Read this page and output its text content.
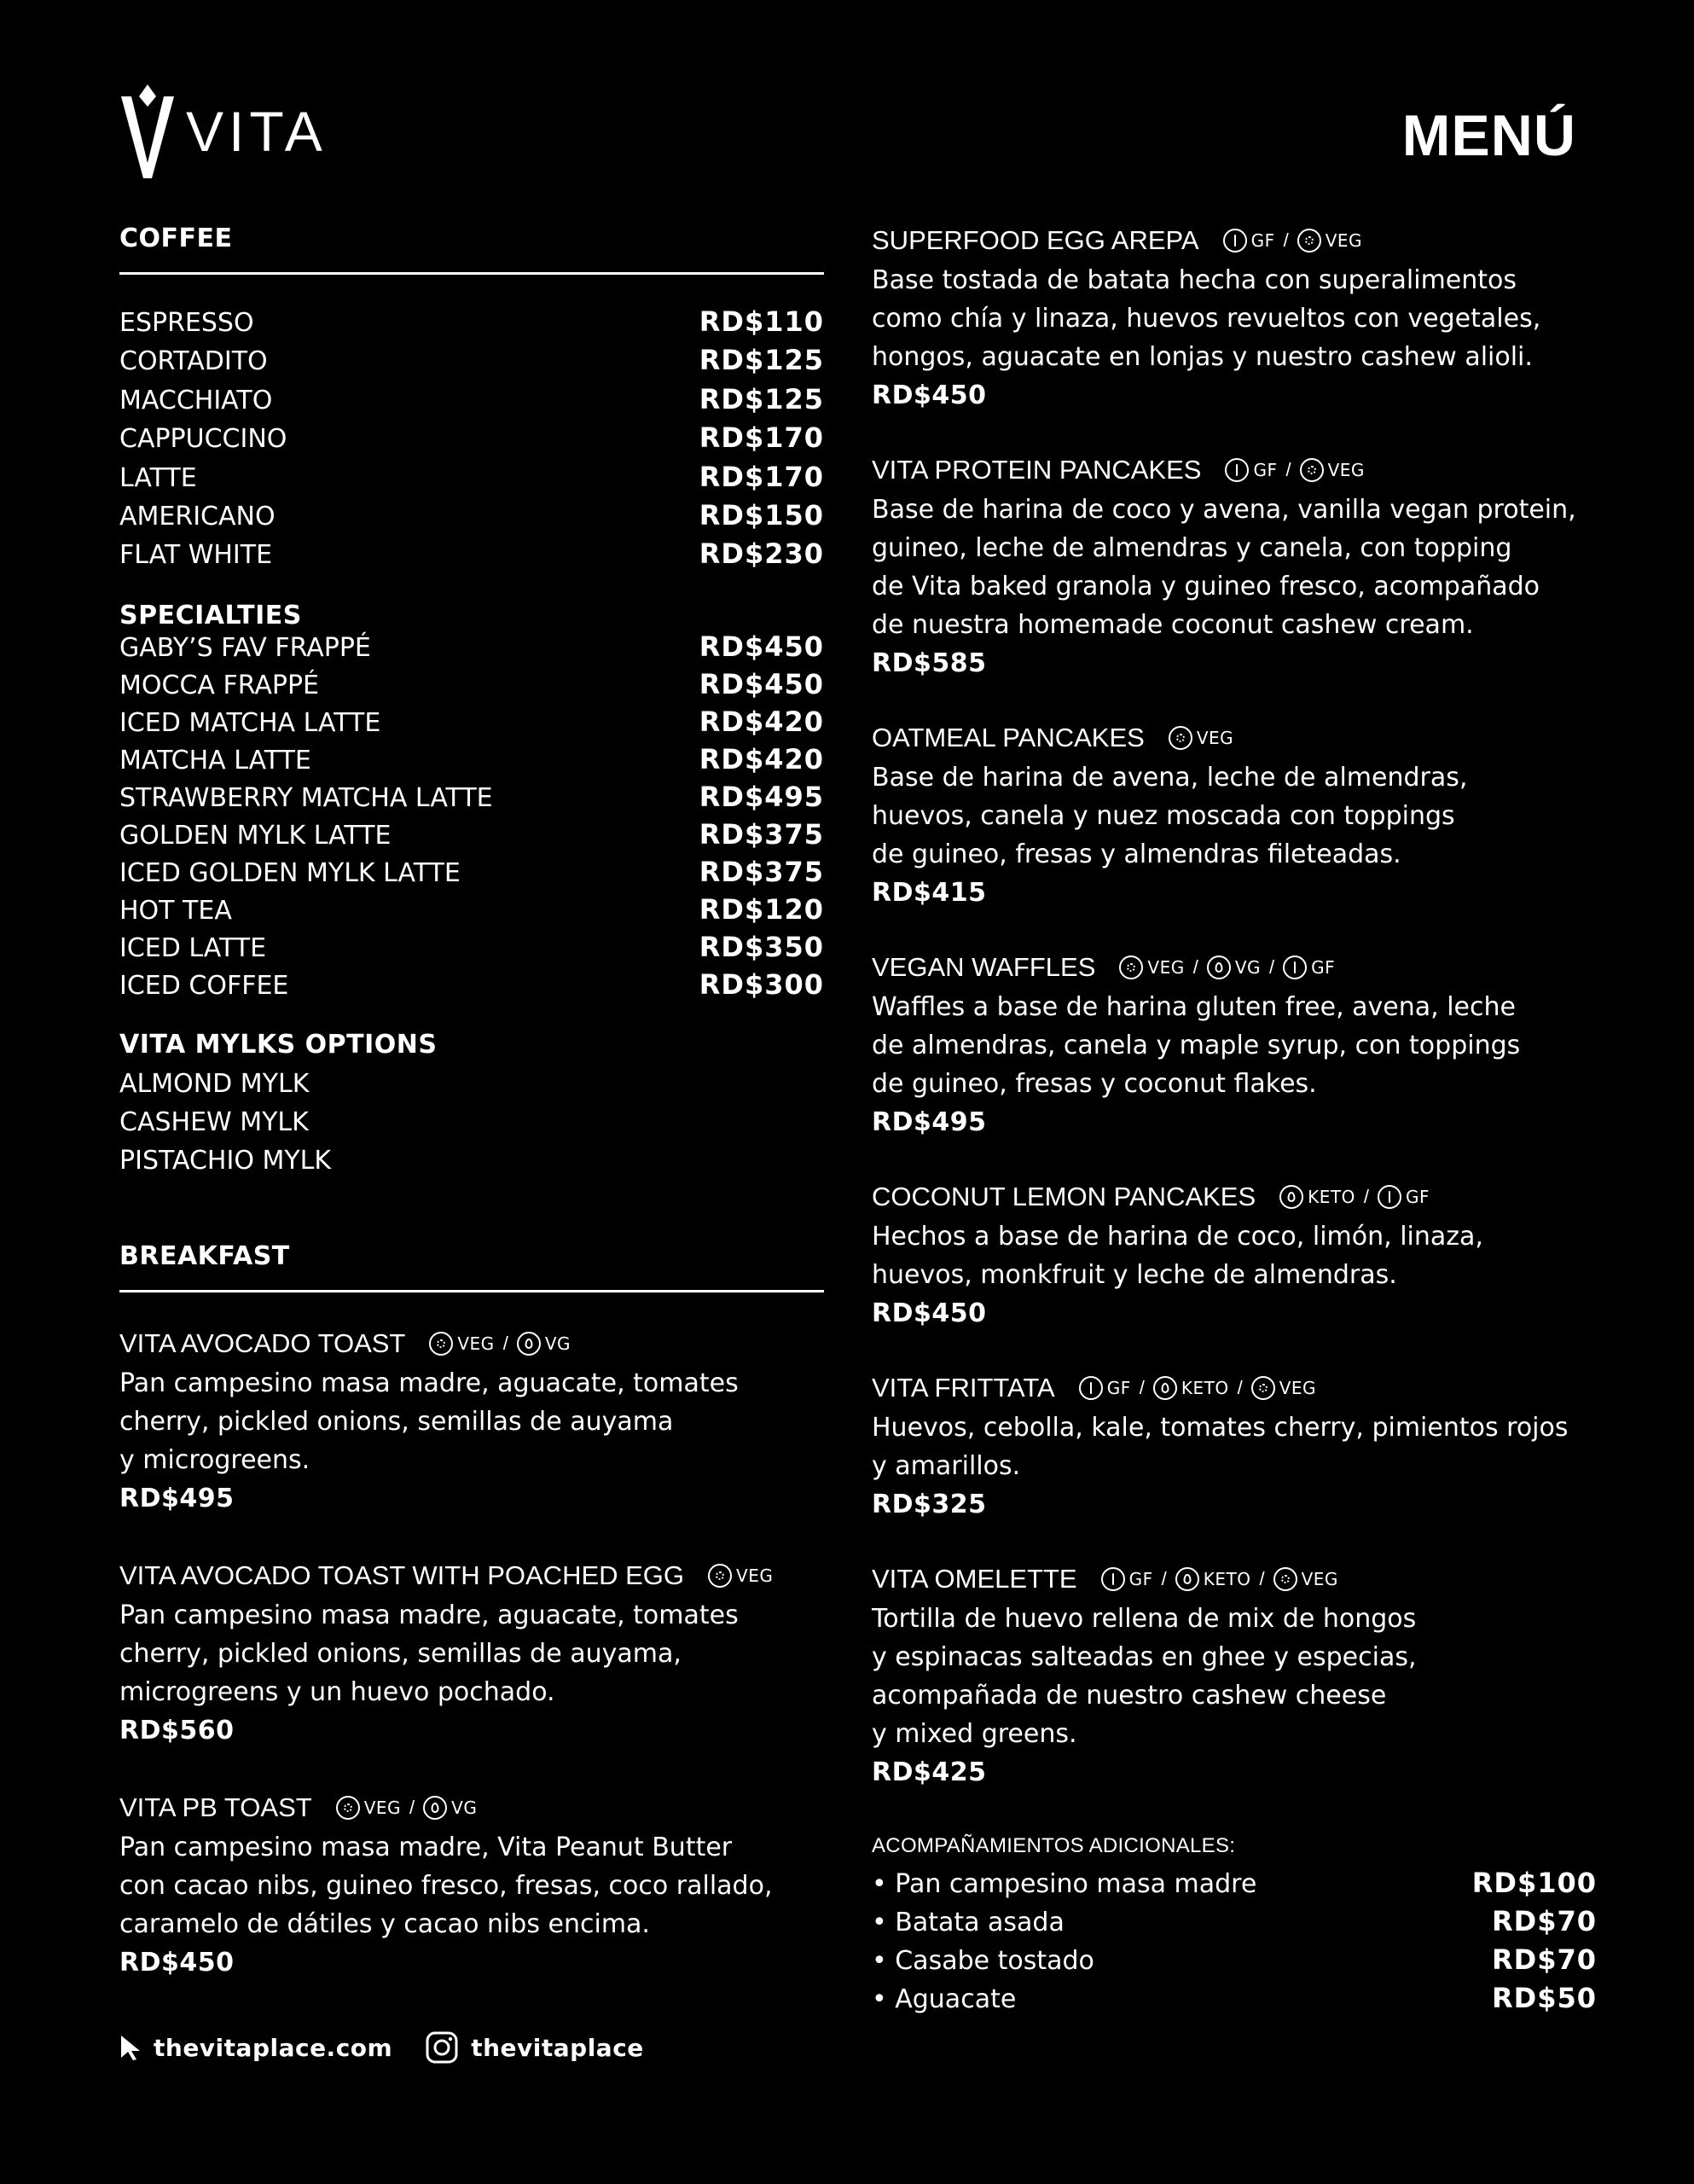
VITA	MENÚ
COFFEE
ESPRESSO	RD$110
CORTADITO	RD$125
MACCHIATO	RD$125
CAPPUCCINO	RD$170
LATTE	RD$170
AMERICANO	RD$150
FLAT WHITE	RD$230
SPECIALTIES
GABY’S FAV FRAPPÉ	RD$450
MOCCA FRAPPÉ	RD$450
ICED MATCHA LATTE	RD$420
MATCHA LATTE	RD$420
STRAWBERRY MATCHA LATTE	RD$495
GOLDEN MYLK LATTE	RD$375
ICED GOLDEN MYLK LATTE	RD$375
HOT TEA	RD$120
ICED LATTE	RD$350
ICED COFFEE	RD$300
VITA MYLKS OPTIONS
ALMOND MYLK
CASHEW MYLK
PISTACHIO MYLK
BREAKFAST
VITA AVOCADO TOAST	VEG / VG
Pan campesino masa madre, aguacate, tomates
cherry, pickled onions, semillas de auyama
y microgreens.
RD$495
VITA AVOCADO TOAST WITH POACHED EGG	VEG
Pan campesino masa madre, aguacate, tomates
cherry, pickled onions, semillas de auyama,
microgreens y un huevo pochado.
RD$560
VITA PB TOAST	VEG / VG
Pan campesino masa madre, Vita Peanut Butter
con cacao nibs, guineo fresco, fresas, coco rallado,
caramelo de dátiles y cacao nibs encima.
RD$450
SUPERFOOD EGG AREPA	GF / VEG
Base tostada de batata hecha con superalimentos
como chía y linaza, huevos revueltos con vegetales,
hongos, aguacate en lonjas y nuestro cashew alioli.
RD$450
VITA PROTEIN PANCAKES	GF / VEG
Base de harina de coco y avena, vanilla vegan protein,
guineo, leche de almendras y canela, con topping
de Vita baked granola y guineo fresco, acompañado
de nuestra homemade coconut cashew cream.
RD$585
OATMEAL PANCAKES	VEG
Base de harina de avena, leche de almendras,
huevos, canela y nuez moscada con toppings
de guineo, fresas y almendras fileteadas.
RD$415
VEGAN WAFFLES	VEG / VG / GF
Waffles a base de harina gluten free, avena, leche
de almendras, canela y maple syrup, con toppings
de guineo, fresas y coconut flakes.
RD$495
COCONUT LEMON PANCAKES	KETO / GF
Hechos a base de harina de coco, limón, linaza,
huevos, monkfruit y leche de almendras.
RD$450
VITA FRITTATA	GF / KETO / VEG
Huevos, cebolla, kale, tomates cherry, pimientos rojos
y amarillos.
RD$325
VITA OMELETTE	GF / KETO / VEG
Tortilla de huevo rellena de mix de hongos
y espinacas salteadas en ghee y especias,
acompañada de nuestro cashew cheese
y mixed greens.
RD$425
ACOMPAÑAMIENTOS ADICIONALES:
• Pan campesino masa madre	RD$100
• Batata asada	RD$70
• Casabe tostado	RD$70
• Aguacate	RD$50
thevitaplace.com	thevitaplace
